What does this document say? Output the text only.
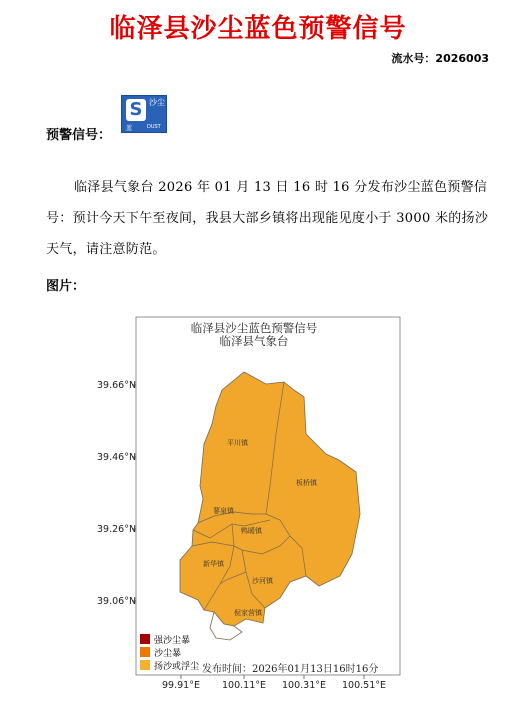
临泽县沙尘蓝色预警信号
流水号：2026003
预警信号：
S 沙尘
蓝	DUST
临泽县气象台 2026 年 01 月 13 日 16 时 16 分发布沙尘蓝色预警信号：预计今天下午至夜间，我县大部乡镇将出现能见度小于 3000 米的扬沙天气，请注意防范。
图片：
临泽县沙尘蓝色预警信号
临泽县气象台
39.66°N
39.46°N
39.26°N
39.06°N
99.91°E	100.11°E	100.31°E	100.51°E
平川镇
板桥镇
蓼泉镇
鸭暖镇
新华镇
沙河镇
倪家营镇
强沙尘暴
沙尘暴
扬沙或浮尘 发布时间：2026年01月13日16时16分
